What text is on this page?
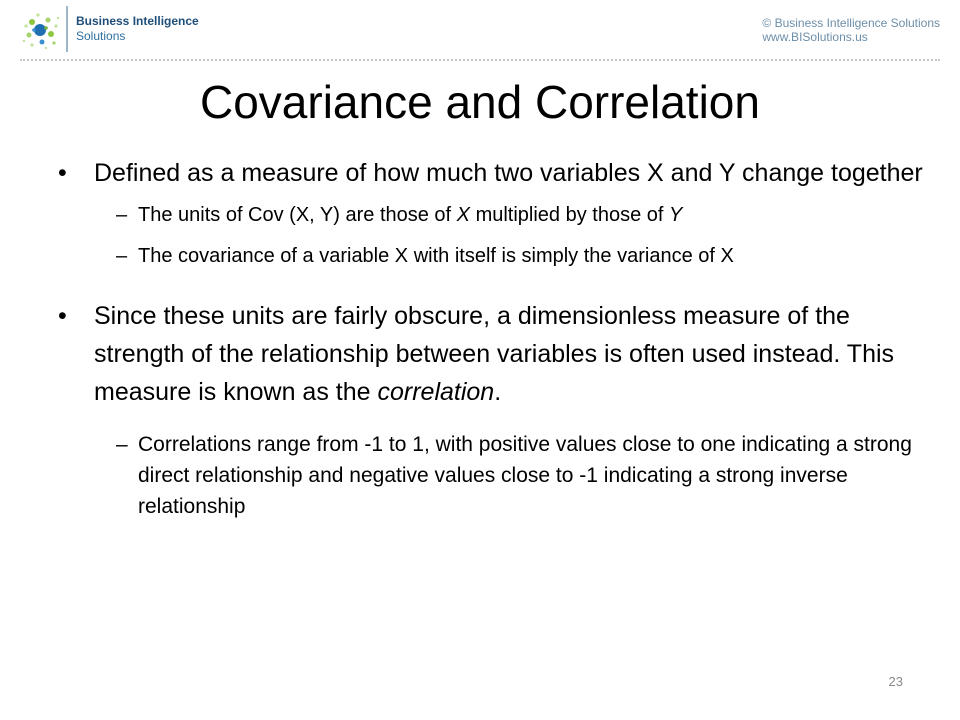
Business Intelligence
Solutions
© Business Intelligence Solutions
www.BISolutions.us
Covariance and Correlation
• Defined as a measure of how much two variables X and Y change together
– The units of Cov (X, Y) are those of X multiplied by those of Y
– The covariance of a variable X with itself is simply the variance of X
• Since these units are fairly obscure, a dimensionless measure of the strength of the relationship between variables is often used instead. This measure is known as the correlation.
– Correlations range from -1 to 1, with positive values close to one indicating a strong direct relationship and negative values close to -1 indicating a strong inverse relationship
23
